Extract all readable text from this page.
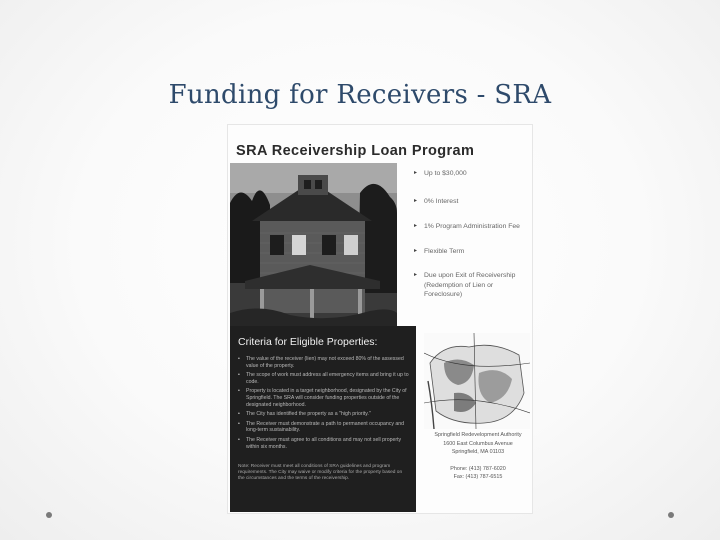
Funding for Receivers - SRA
SRA Receivership Loan Program
▸ Up to $30,000
▸ 0% Interest
▸ 1% Program Administration Fee
▸ Flexible Term
▸ Due upon Exit of Receivership (Redemption of Lien or Foreclosure)
Criteria for Eligible Properties:
• The value of the receiver (lien) may not exceed 80% of the assessed value of the property.
• The scope of work must address all emergency items and bring it up to code.
• Property is located in a target neighborhood, designated by the City of Springfield. The SRA will consider funding properties outside of the designated neighborhood.
• The City has identified the property as a "high priority."
• The Receiver must demonstrate a path to permanent occupancy and long-term sustainability.
• The Receiver must agree to all conditions and may not sell property within six months.
Note: Receiver must meet all conditions of SRA guidelines and program requirements. The City may waive or modify criteria for the property based on the circumstances and the terms of the receivership.
Springfield Redevelopment Authority
1600 East Columbus Avenue
Springfield, MA 01103
Phone: (413) 787-6020
Fax: (413) 787-6515
